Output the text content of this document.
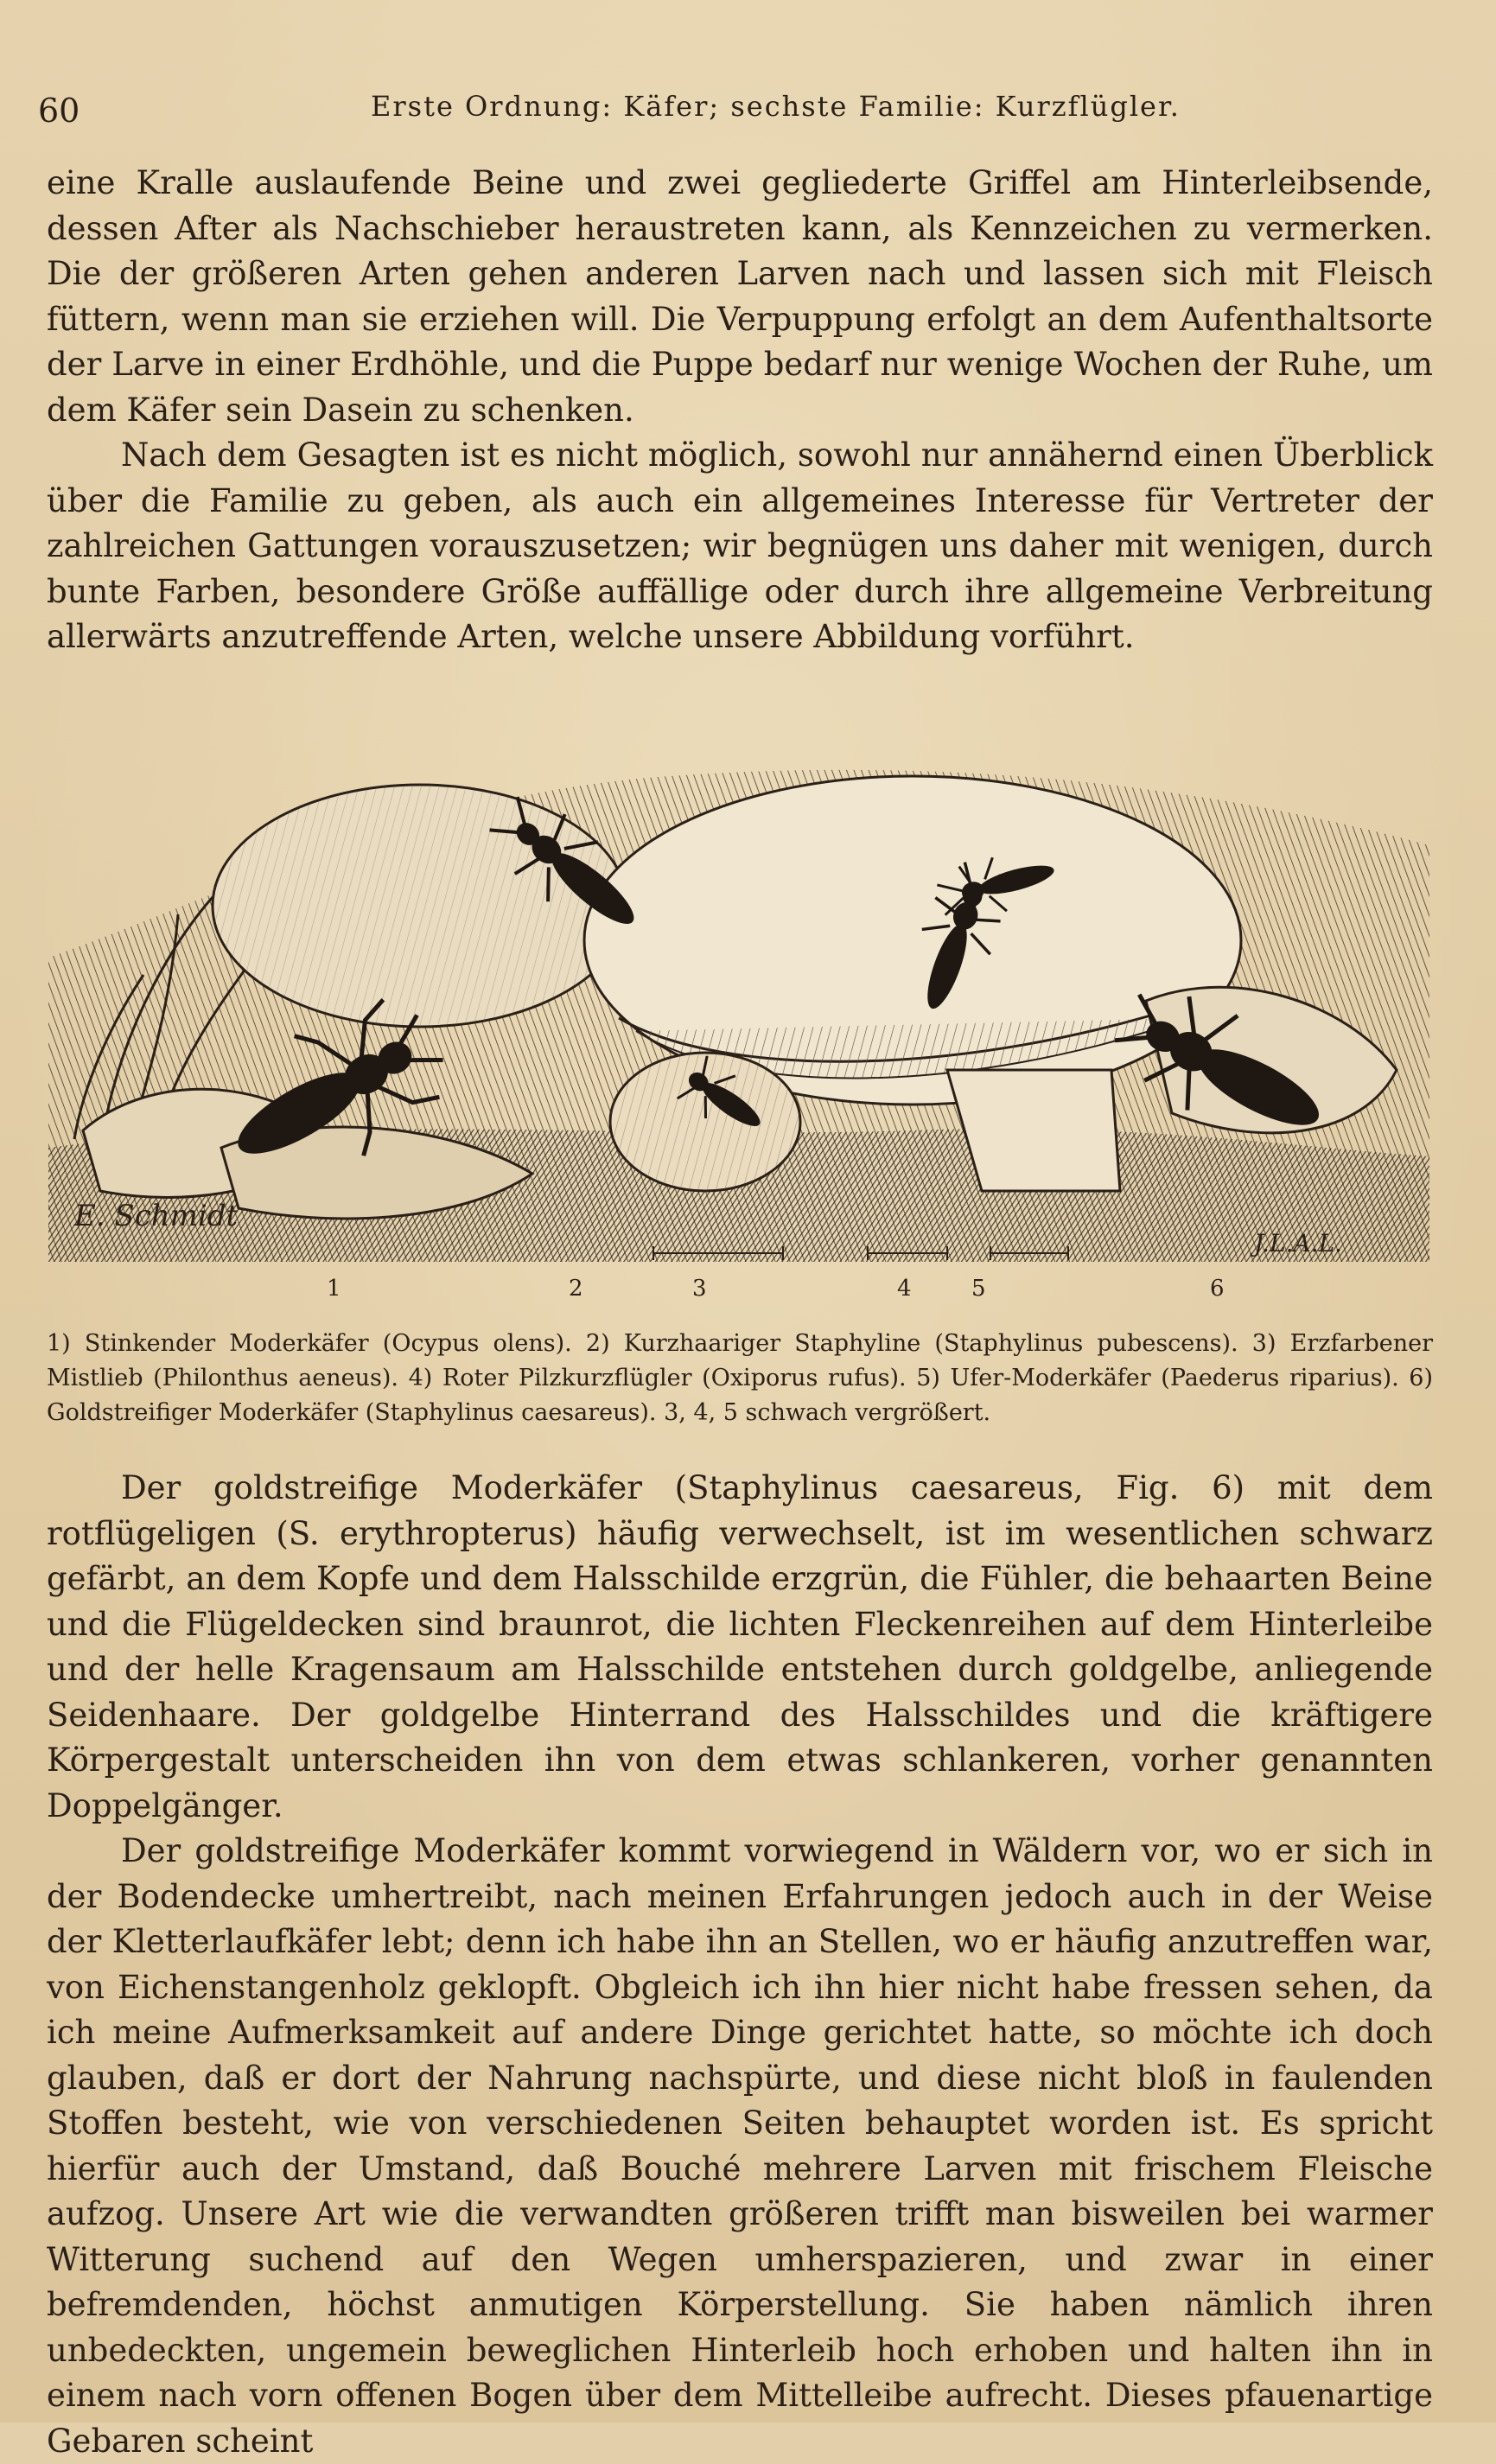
60	Erste Ordnung: Käfer; sechste Familie: Kurzflügler.

eine Kralle auslaufende Beine und zwei gegliederte Griffel am Hinterleibsende, dessen After als Nachschieber heraustreten kann, als Kennzeichen zu vermerken. Die der größeren Arten gehen anderen Larven nach und lassen sich mit Fleisch füttern, wenn man sie erziehen will. Die Verpuppung erfolgt an dem Aufenthaltsorte der Larve in einer Erdhöhle, und die Puppe bedarf nur wenige Wochen der Ruhe, um dem Käfer sein Dasein zu schenken.

Nach dem Gesagten ist es nicht möglich, sowohl nur annähernd einen Überblick über die Familie zu geben, als auch ein allgemeines Interesse für Vertreter der zahlreichen Gattungen vorauszusetzen; wir begnügen uns daher mit wenigen, durch bunte Farben, besondere Größe auffällige oder durch ihre allgemeine Verbreitung allerwärts anzutreffende Arten, welche unsere Abbildung vorführt.

E. Schmidt
J.L.A.L.
1	2	3	4	5	6

1) Stinkender Moderkäfer (Ocypus olens). 2) Kurzhaariger Staphyline (Staphylinus pubescens). 3) Erzfarbener Mistlieb (Philonthus aeneus). 4) Roter Pilzkurzflügler (Oxiporus rufus). 5) Ufer-Moderkäfer (Paederus riparius). 6) Goldstreifiger Moderkäfer (Staphylinus caesareus). 3, 4, 5 schwach vergrößert.

Der goldstreifige Moderkäfer (Staphylinus caesareus, Fig. 6) mit dem rotflügeligen (S. erythropterus) häufig verwechselt, ist im wesentlichen schwarz gefärbt, an dem Kopfe und dem Halsschilde erzgrün, die Fühler, die behaarten Beine und die Flügeldecken sind braunrot, die lichten Fleckenreihen auf dem Hinterleibe und der helle Kragensaum am Halsschilde entstehen durch goldgelbe, anliegende Seidenhaare. Der goldgelbe Hinterrand des Halsschildes und die kräftigere Körpergestalt unterscheiden ihn von dem etwas schlankeren, vorher genannten Doppelgänger.

Der goldstreifige Moderkäfer kommt vorwiegend in Wäldern vor, wo er sich in der Bodendecke umhertreibt, nach meinen Erfahrungen jedoch auch in der Weise der Kletterlaufkäfer lebt; denn ich habe ihn an Stellen, wo er häufig anzutreffen war, von Eichenstangenholz geklopft. Obgleich ich ihn hier nicht habe fressen sehen, da ich meine Aufmerksamkeit auf andere Dinge gerichtet hatte, so möchte ich doch glauben, daß er dort der Nahrung nachspürte, und diese nicht bloß in faulenden Stoffen besteht, wie von verschiedenen Seiten behauptet worden ist. Es spricht hierfür auch der Umstand, daß Bouché mehrere Larven mit frischem Fleische aufzog. Unsere Art wie die verwandten größeren trifft man bisweilen bei warmer Witterung suchend auf den Wegen umherspazieren, und zwar in einer befremdenden, höchst anmutigen Körperstellung. Sie haben nämlich ihren unbedeckten, ungemein beweglichen Hinterleib hoch erhoben und halten ihn in einem nach vorn offenen Bogen über dem Mittelleibe aufrecht. Dieses pfauenartige Gebaren scheint
